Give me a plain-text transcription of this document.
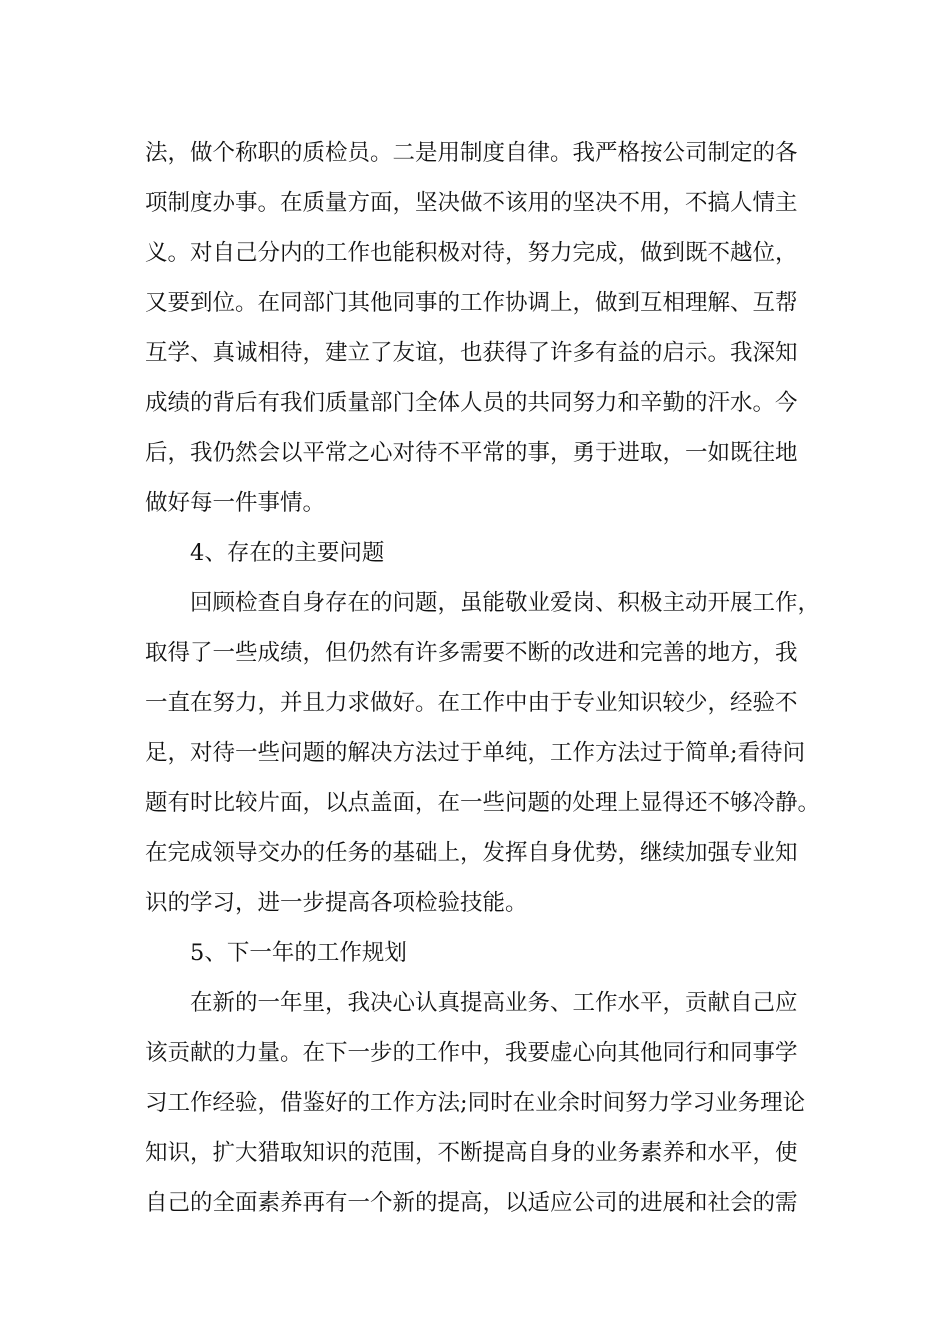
法，做个称职的质检员。二是用制度自律。我严格按公司制定的各
项制度办事。在质量方面，坚决做不该用的坚决不用，不搞人情主
义。对自己分内的工作也能积极对待，努力完成，做到既不越位，
又要到位。在同部门其他同事的工作协调上，做到互相理解、互帮
互学、真诚相待，建立了友谊，也获得了许多有益的启示。我深知
成绩的背后有我们质量部门全体人员的共同努力和辛勤的汗水。今
后，我仍然会以平常之心对待不平常的事，勇于进取，一如既往地
做好每一件事情。
4、存在的主要问题
回顾检查自身存在的问题，虽能敬业爱岗、积极主动开展工作，
取得了一些成绩，但仍然有许多需要不断的改进和完善的地方，我
一直在努力，并且力求做好。在工作中由于专业知识较少，经验不
足，对待一些问题的解决方法过于单纯，工作方法过于简单;看待问
题有时比较片面，以点盖面，在一些问题的处理上显得还不够冷静。
在完成领导交办的任务的基础上，发挥自身优势，继续加强专业知
识的学习，进一步提高各项检验技能。
5、下一年的工作规划
在新的一年里，我决心认真提高业务、工作水平，贡献自己应
该贡献的力量。在下一步的工作中，我要虚心向其他同行和同事学
习工作经验，借鉴好的工作方法;同时在业余时间努力学习业务理论
知识，扩大猎取知识的范围，不断提高自身的业务素养和水平，使
自己的全面素养再有一个新的提高，以适应公司的进展和社会的需
